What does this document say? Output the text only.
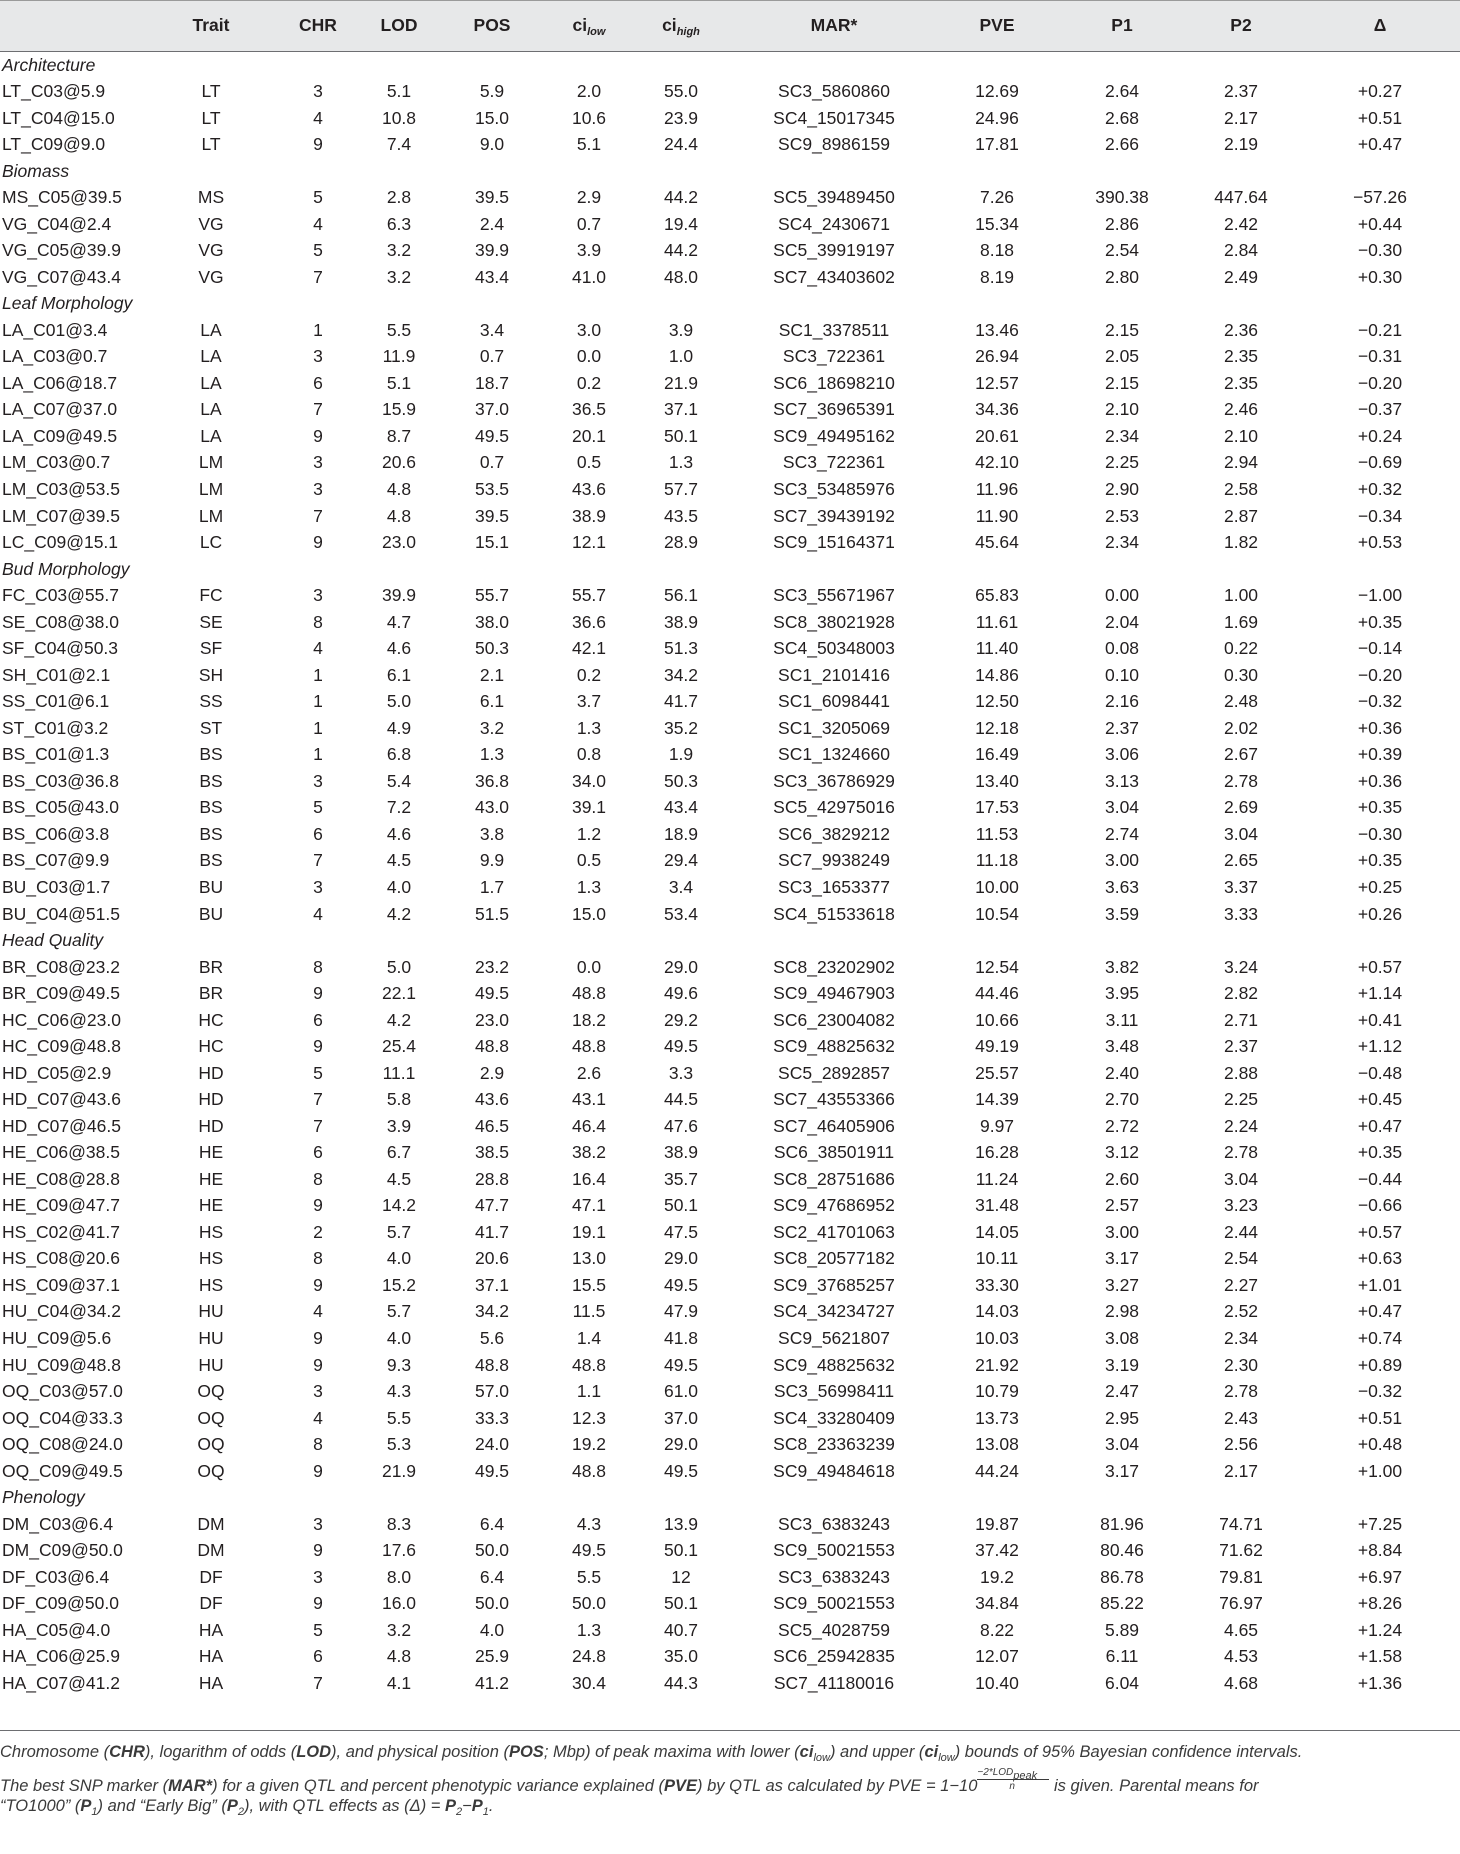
	Trait	CHR	LOD	POS	$ci_{low}$	$ci_{high}$	MAR*	PVE	P1	P2	Δ
Architecture											
LT_C03@5.9	LT	3	5.1	5.9	2.0	55.0	SC3_5860860	12.69	2.64	2.37	+0.27
LT_C04@15.0	LT	4	10.8	15.0	10.6	23.9	SC4_15017345	24.96	2.68	2.17	+0.51
LT_C09@9.0	LT	9	7.4	9.0	5.1	24.4	SC9_8986159	17.81	2.66	2.19	+0.47
Biomass											
MS_C05@39.5	MS	5	2.8	39.5	2.9	44.2	SC5_39489450	7.26	390.38	447.64	−57.26
VG_C04@2.4	VG	4	6.3	2.4	0.7	19.4	SC4_2430671	15.34	2.86	2.42	+0.44
VG_C05@39.9	VG	5	3.2	39.9	3.9	44.2	SC5_39919197	8.18	2.54	2.84	−0.30
VG_C07@43.4	VG	7	3.2	43.4	41.0	48.0	SC7_43403602	8.19	2.80	2.49	+0.30
Leaf Morphology											
LA_C01@3.4	LA	1	5.5	3.4	3.0	3.9	SC1_3378511	13.46	2.15	2.36	−0.21
LA_C03@0.7	LA	3	11.9	0.7	0.0	1.0	SC3_722361	26.94	2.05	2.35	−0.31
LA_C06@18.7	LA	6	5.1	18.7	0.2	21.9	SC6_18698210	12.57	2.15	2.35	−0.20
LA_C07@37.0	LA	7	15.9	37.0	36.5	37.1	SC7_36965391	34.36	2.10	2.46	−0.37
LA_C09@49.5	LA	9	8.7	49.5	20.1	50.1	SC9_49495162	20.61	2.34	2.10	+0.24
LM_C03@0.7	LM	3	20.6	0.7	0.5	1.3	SC3_722361	42.10	2.25	2.94	−0.69
LM_C03@53.5	LM	3	4.8	53.5	43.6	57.7	SC3_53485976	11.96	2.90	2.58	+0.32
LM_C07@39.5	LM	7	4.8	39.5	38.9	43.5	SC7_39439192	11.90	2.53	2.87	−0.34
LC_C09@15.1	LC	9	23.0	15.1	12.1	28.9	SC9_15164371	45.64	2.34	1.82	+0.53
Bud Morphology											
FC_C03@55.7	FC	3	39.9	55.7	55.7	56.1	SC3_55671967	65.83	0.00	1.00	−1.00
SE_C08@38.0	SE	8	4.7	38.0	36.6	38.9	SC8_38021928	11.61	2.04	1.69	+0.35
SF_C04@50.3	SF	4	4.6	50.3	42.1	51.3	SC4_50348003	11.40	0.08	0.22	−0.14
SH_C01@2.1	SH	1	6.1	2.1	0.2	34.2	SC1_2101416	14.86	0.10	0.30	−0.20
SS_C01@6.1	SS	1	5.0	6.1	3.7	41.7	SC1_6098441	12.50	2.16	2.48	−0.32
ST_C01@3.2	ST	1	4.9	3.2	1.3	35.2	SC1_3205069	12.18	2.37	2.02	+0.36
BS_C01@1.3	BS	1	6.8	1.3	0.8	1.9	SC1_1324660	16.49	3.06	2.67	+0.39
BS_C03@36.8	BS	3	5.4	36.8	34.0	50.3	SC3_36786929	13.40	3.13	2.78	+0.36
BS_C05@43.0	BS	5	7.2	43.0	39.1	43.4	SC5_42975016	17.53	3.04	2.69	+0.35
BS_C06@3.8	BS	6	4.6	3.8	1.2	18.9	SC6_3829212	11.53	2.74	3.04	−0.30
BS_C07@9.9	BS	7	4.5	9.9	0.5	29.4	SC7_9938249	11.18	3.00	2.65	+0.35
BU_C03@1.7	BU	3	4.0	1.7	1.3	3.4	SC3_1653377	10.00	3.63	3.37	+0.25
BU_C04@51.5	BU	4	4.2	51.5	15.0	53.4	SC4_51533618	10.54	3.59	3.33	+0.26
Head Quality											
BR_C08@23.2	BR	8	5.0	23.2	0.0	29.0	SC8_23202902	12.54	3.82	3.24	+0.57
BR_C09@49.5	BR	9	22.1	49.5	48.8	49.6	SC9_49467903	44.46	3.95	2.82	+1.14
HC_C06@23.0	HC	6	4.2	23.0	18.2	29.2	SC6_23004082	10.66	3.11	2.71	+0.41
HC_C09@48.8	HC	9	25.4	48.8	48.8	49.5	SC9_48825632	49.19	3.48	2.37	+1.12
HD_C05@2.9	HD	5	11.1	2.9	2.6	3.3	SC5_2892857	25.57	2.40	2.88	−0.48
HD_C07@43.6	HD	7	5.8	43.6	43.1	44.5	SC7_43553366	14.39	2.70	2.25	+0.45
HD_C07@46.5	HD	7	3.9	46.5	46.4	47.6	SC7_46405906	9.97	2.72	2.24	+0.47
HE_C06@38.5	HE	6	6.7	38.5	38.2	38.9	SC6_38501911	16.28	3.12	2.78	+0.35
HE_C08@28.8	HE	8	4.5	28.8	16.4	35.7	SC8_28751686	11.24	2.60	3.04	−0.44
HE_C09@47.7	HE	9	14.2	47.7	47.1	50.1	SC9_47686952	31.48	2.57	3.23	−0.66
HS_C02@41.7	HS	2	5.7	41.7	19.1	47.5	SC2_41701063	14.05	3.00	2.44	+0.57
HS_C08@20.6	HS	8	4.0	20.6	13.0	29.0	SC8_20577182	10.11	3.17	2.54	+0.63
HS_C09@37.1	HS	9	15.2	37.1	15.5	49.5	SC9_37685257	33.30	3.27	2.27	+1.01
HU_C04@34.2	HU	4	5.7	34.2	11.5	47.9	SC4_34234727	14.03	2.98	2.52	+0.47
HU_C09@5.6	HU	9	4.0	5.6	1.4	41.8	SC9_5621807	10.03	3.08	2.34	+0.74
HU_C09@48.8	HU	9	9.3	48.8	48.8	49.5	SC9_48825632	21.92	3.19	2.30	+0.89
OQ_C03@57.0	OQ	3	4.3	57.0	1.1	61.0	SC3_56998411	10.79	2.47	2.78	−0.32
OQ_C04@33.3	OQ	4	5.5	33.3	12.3	37.0	SC4_33280409	13.73	2.95	2.43	+0.51
OQ_C08@24.0	OQ	8	5.3	24.0	19.2	29.0	SC8_23363239	13.08	3.04	2.56	+0.48
OQ_C09@49.5	OQ	9	21.9	49.5	48.8	49.5	SC9_49484618	44.24	3.17	2.17	+1.00
Phenology											
DM_C03@6.4	DM	3	8.3	6.4	4.3	13.9	SC3_6383243	19.87	81.96	74.71	+7.25
DM_C09@50.0	DM	9	17.6	50.0	49.5	50.1	SC9_50021553	37.42	80.46	71.62	+8.84
DF_C03@6.4	DF	3	8.0	6.4	5.5	12	SC3_6383243	19.2	86.78	79.81	+6.97
DF_C09@50.0	DF	9	16.0	50.0	50.0	50.1	SC9_50021553	34.84	85.22	76.97	+8.26
HA_C05@4.0	HA	5	3.2	4.0	1.3	40.7	SC5_4028759	8.22	5.89	4.65	+1.24
HA_C06@25.9	HA	6	4.8	25.9	24.8	35.0	SC6_25942835	12.07	6.11	4.53	+1.58
HA_C07@41.2	HA	7	4.1	41.2	30.4	44.3	SC7_41180016	10.40	6.04	4.68	+1.36

Chromosome (CHR), logarithm of odds (LOD), and physical position (POS; Mbp) of peak maxima with lower $(ci_{low})$ and upper $(ci_{low})$ bounds of 95% Bayesian confidence intervals.

The best SNP marker (MAR*) for a given QTL and percent phenotypic variance explained (PVE) by QTL as calculated by PVE = $1-10 \frac{-2*LOD_{peak}}{n}$ is given. Parental means for

“TO1000” $(P_1)$ and “Early Big” $(P_2)$, with QTL effects as $(\Delta) = P_2-P_1$.
